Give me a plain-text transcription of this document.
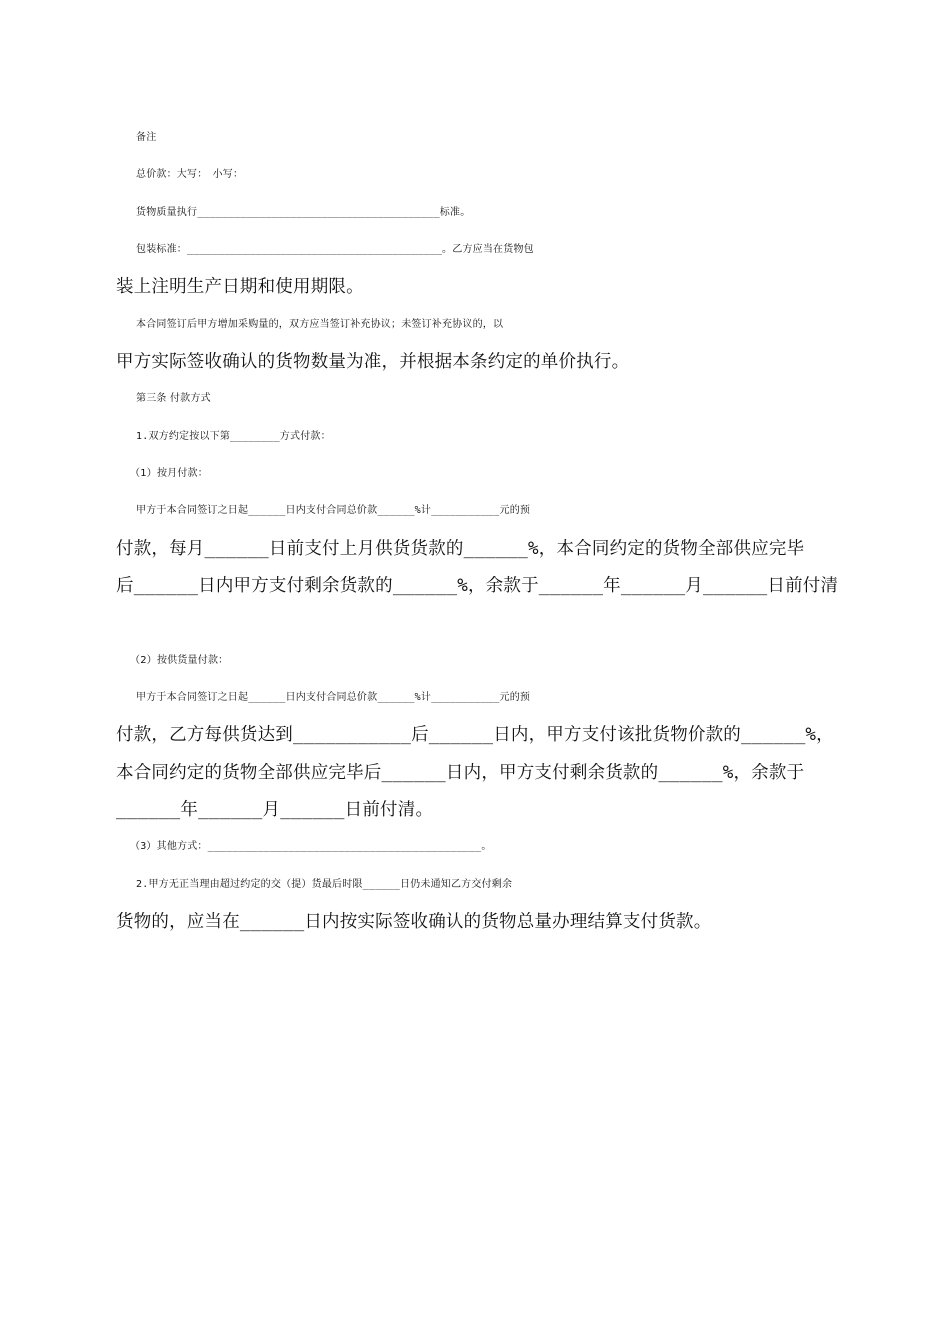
备注
总价款：大写：　小写：
货物质量执行_______________________________________标准。
包装标准：_________________________________________。乙方应当在货物包
装上注明生产日期和使用期限。
本合同签订后甲方增加采购量的，双方应当签订补充协议；未签订补充协议的，以
甲方实际签收确认的货物数量为准，并根据本条约定的单价执行。
第三条 付款方式
1.双方约定按以下第________方式付款：
（1）按月付款：
甲方于本合同签订之日起______日内支付合同总价款______%计___________元的预
付款，每月______日前支付上月供货货款的______%，本合同约定的货物全部供应完毕
后______日内甲方支付剩余货款的______%，余款于______年______月______日前付清
（2）按供货量付款：
甲方于本合同签订之日起______日内支付合同总价款______%计___________元的预
付款，乙方每供货达到___________后______日内，甲方支付该批货物价款的______%，
本合同约定的货物全部供应完毕后______日内，甲方支付剩余货款的______%，余款于
______年______月______日前付清。
（3）其他方式：____________________________________________。
2.甲方无正当理由超过约定的交（提）货最后时限______日仍未通知乙方交付剩余
货物的，应当在______日内按实际签收确认的货物总量办理结算支付货款。
